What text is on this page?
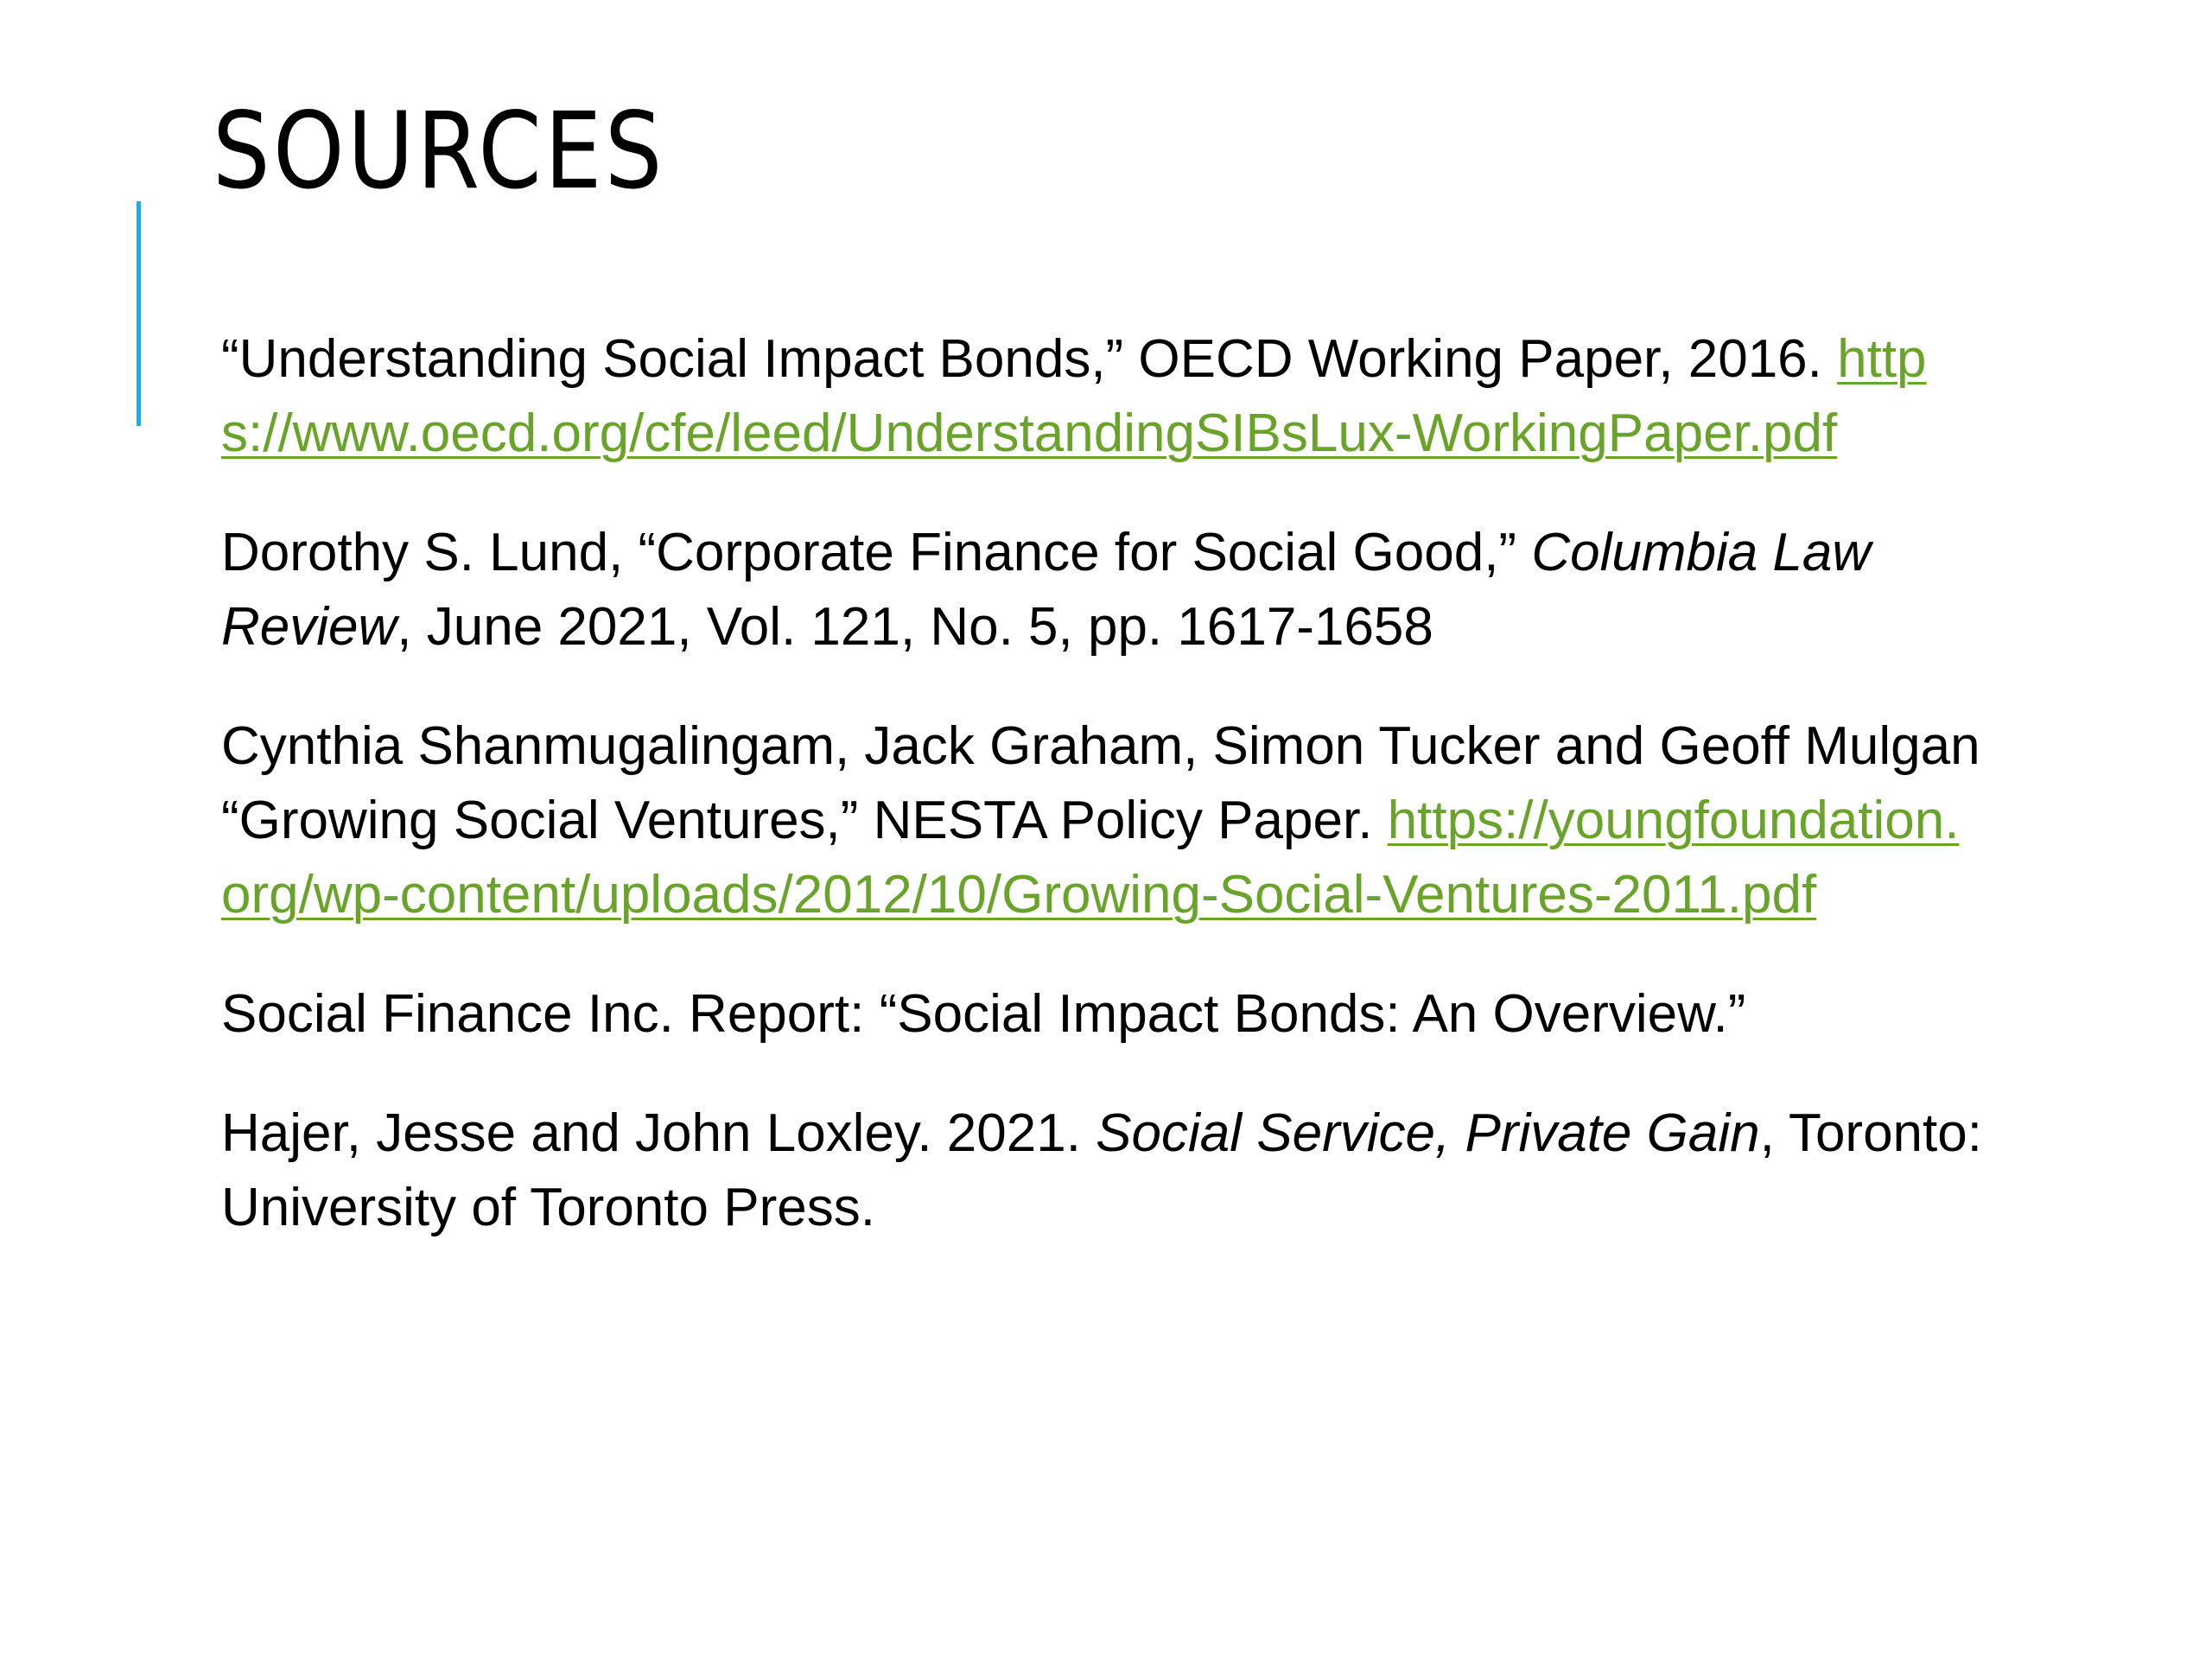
SOURCES

“Understanding Social Impact Bonds,” OECD Working Paper, 2016. https://www.oecd.org/cfe/leed/UnderstandingSIBsLux-WorkingPaper.pdf

Dorothy S. Lund, “Corporate Finance for Social Good,” Columbia Law Review, June 2021, Vol. 121, No. 5, pp. 1617-1658

Cynthia Shanmugalingam, Jack Graham, Simon Tucker and Geoff Mulgan “Growing Social Ventures,” NESTA Policy Paper. https://youngfoundation.org/wp-content/uploads/2012/10/Growing-Social-Ventures-2011.pdf

Social Finance Inc. Report: “Social Impact Bonds: An Overview.”

Hajer, Jesse and John Loxley. 2021. Social Service, Private Gain, Toronto: University of Toronto Press.
